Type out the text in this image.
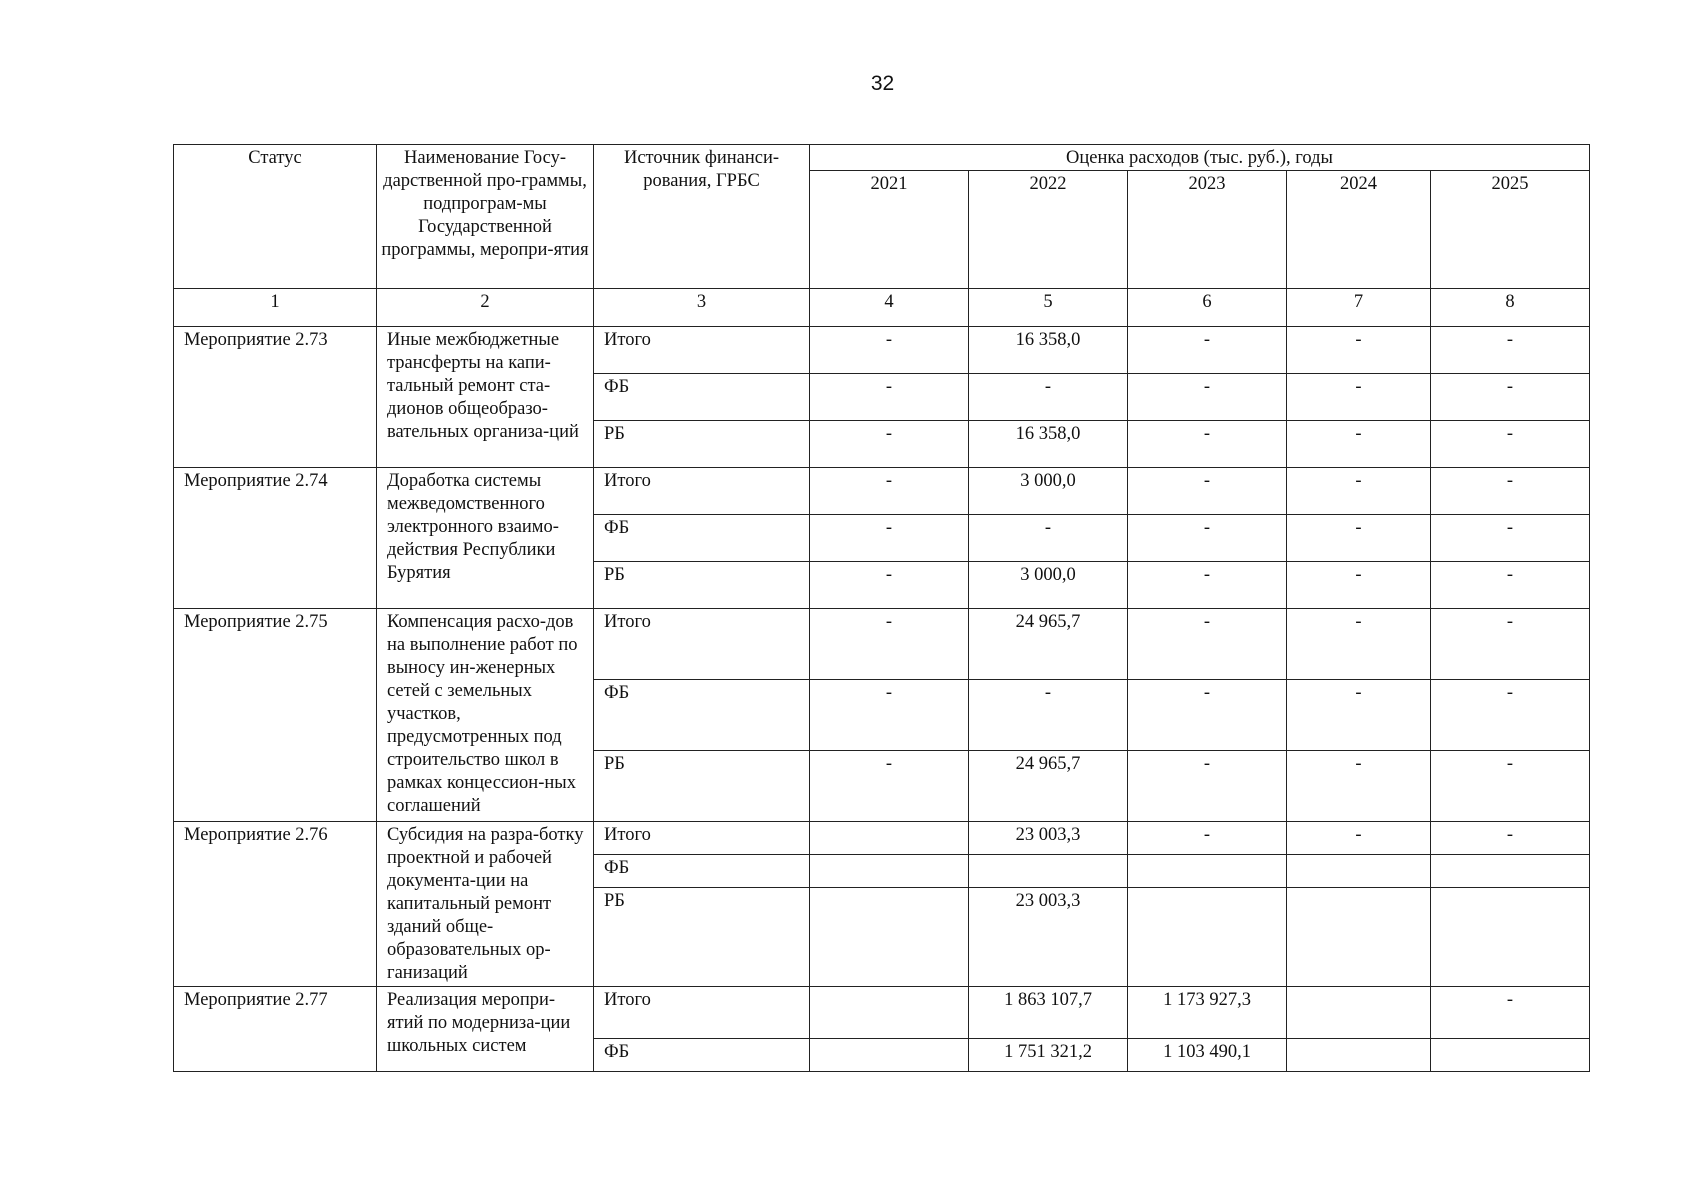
32
Статус	Наименование Госу-дарственной про-граммы, подпрограм-мы Государственной программы, меропри-ятия	Источник финанси-рования, ГРБС	Оценка расходов (тыс. руб.), годы				
			2021	2022	2023	2024	2025
1	2	3	4	5	6	7	8
Мероприятие 2.73	Иные межбюджетные трансферты на капи-тальный ремонт ста-дионов общеобразо-вательных организа-ций	Итого	-	16 358,0	-	-	-
		ФБ	-	-	-	-	-
		РБ	-	16 358,0	-	-	-
Мероприятие 2.74	Доработка системы межведомственного электронного взаимо-действия Республики Бурятия	Итого	-	3 000,0	-	-	-
		ФБ	-	-	-	-	-
		РБ	-	3 000,0	-	-	-
Мероприятие 2.75	Компенсация расхо-дов на выполнение работ по выносу ин-женерных сетей с земельных участков, предусмотренных под строительство школ в рамках концессион-ных соглашений	Итого	-	24 965,7	-	-	-
		ФБ	-	-	-	-	-
		РБ	-	24 965,7	-	-	-
Мероприятие 2.76	Субсидия на разра-ботку проектной и рабочей документа-ции на капитальный ремонт зданий обще-образовательных ор-ганизаций	Итого		23 003,3	-	-	-
		ФБ					
		РБ		23 003,3			
Мероприятие 2.77	Реализация меропри-ятий по модерниза-ции школьных систем	Итого		1 863 107,7	1 173 927,3		-
		ФБ		1 751 321,2	1 103 490,1		
